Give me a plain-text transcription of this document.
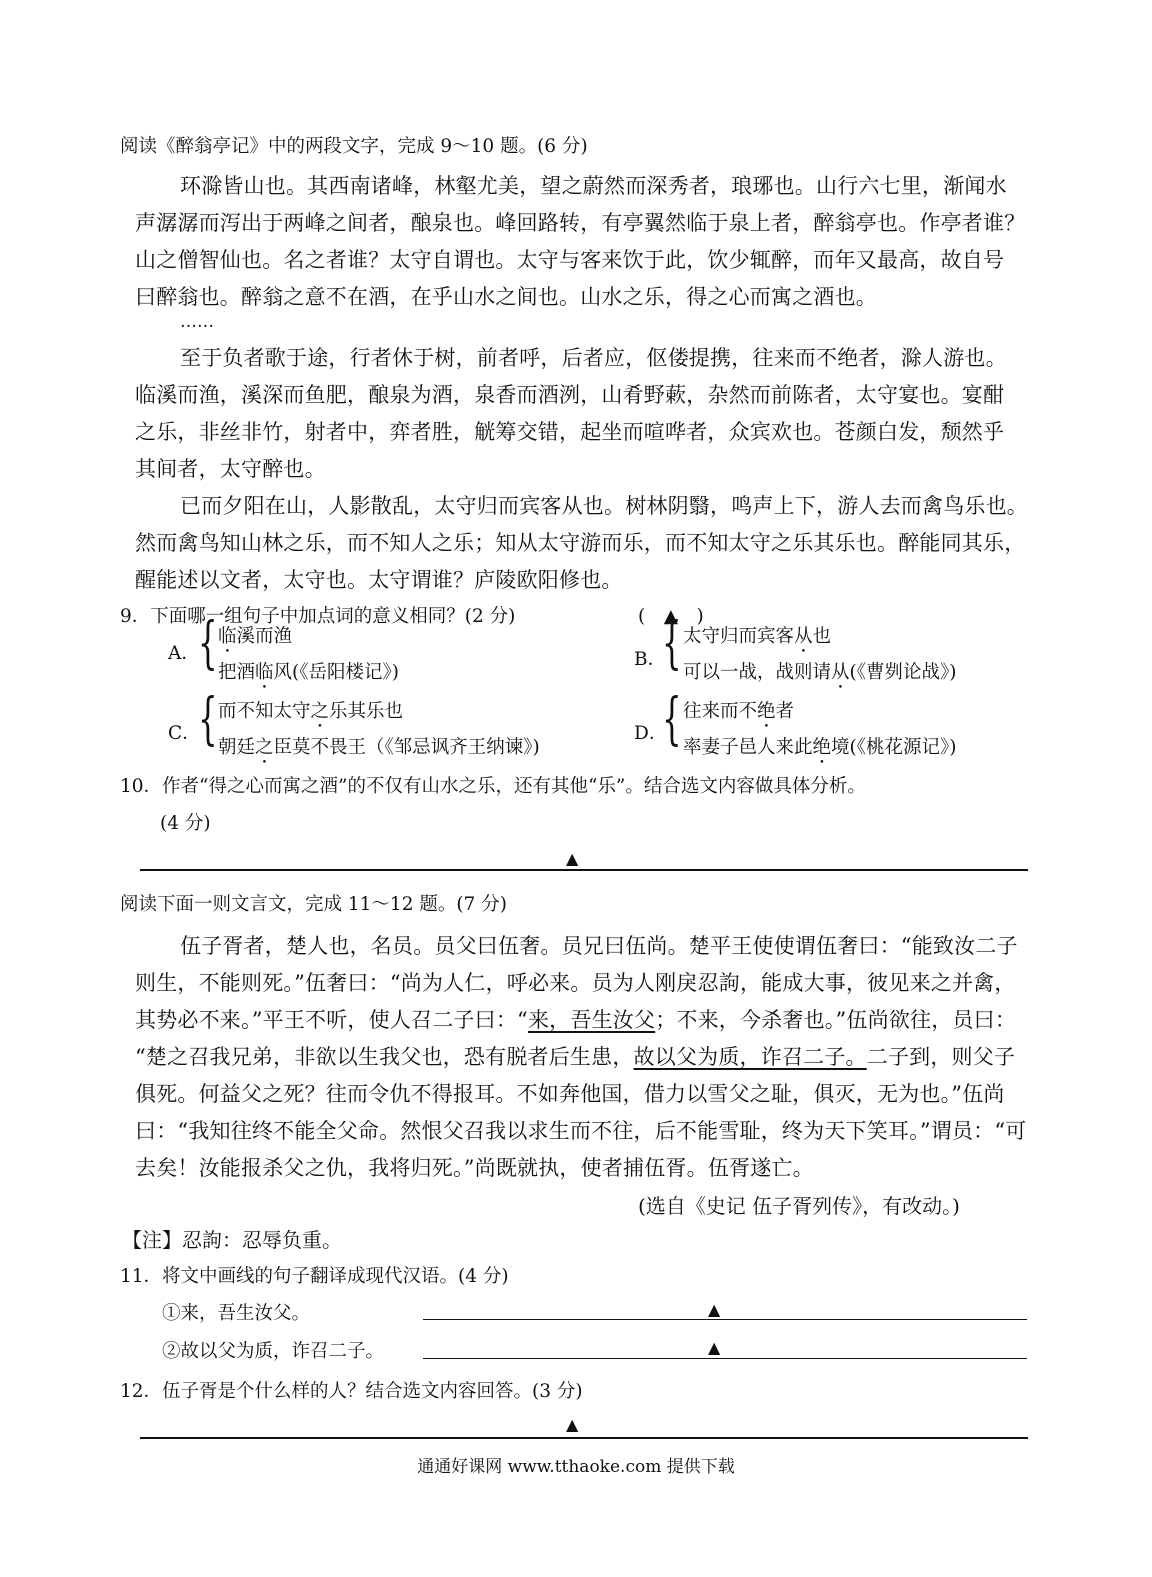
阅读《醉翁亭记》中的两段文字，完成 9～10 题。(6 分)
环滁皆山也。其西南诸峰，林壑尤美，望之蔚然而深秀者，琅琊也。山行六七里，渐闻水
声潺潺而泻出于两峰之间者，酿泉也。峰回路转，有亭翼然临于泉上者，醉翁亭也。作亭者谁？
山之僧智仙也。名之者谁？太守自谓也。太守与客来饮于此，饮少辄醉，而年又最高，故自号
曰醉翁也。醉翁之意不在酒，在乎山水之间也。山水之乐，得之心而寓之酒也。
……
至于负者歌于途，行者休于树，前者呼，后者应，伛偻提携，往来而不绝者，滁人游也。
临溪而渔，溪深而鱼肥，酿泉为酒，泉香而酒洌，山肴野蔌，杂然而前陈者，太守宴也。宴酣
之乐，非丝非竹，射者中，弈者胜，觥筹交错，起坐而喧哗者，众宾欢也。苍颜白发，颓然乎
其间者，太守醉也。
已而夕阳在山，人影散乱，太守归而宾客从也。树林阴翳，鸣声上下，游人去而禽鸟乐也。
然而禽鸟知山林之乐，而不知人之乐；知从太守游而乐，而不知太守之乐其乐也。醉能同其乐，
醒能述以文者，太守也。太守谓谁？庐陵欧阳修也。
9．下面哪一组句子中加点词的意义相同？(2 分)	(　▲　)
A．
{ 临溪而渔
把酒临风(《岳阳楼记》)
B．
{ 太守归而宾客从也
可以一战，战则请从(《曹刿论战》)
C．
{ 而不知太守之乐其乐也
朝廷之臣莫不畏王（《邹忌讽齐王纳谏》)
D．
{ 往来而不绝者
率妻子邑人来此绝境(《桃花源记》)
10．作者“得之心而寓之酒”的不仅有山水之乐，还有其他“乐”。结合选文内容做具体分析。
(4 分)
▲
阅读下面一则文言文，完成 11～12 题。(7 分)
伍子胥者，楚人也，名员。员父曰伍奢。员兄曰伍尚。楚平王使使谓伍奢曰：“能致汝二子
则生，不能则死。”伍奢曰：“尚为人仁，呼必来。员为人刚戾忍訽，能成大事，彼见来之并禽，
其势必不来。”平王不听，使人召二子曰：“来，吾生汝父；不来，今杀奢也。”伍尚欲往，员曰：
“楚之召我兄弟，非欲以生我父也，恐有脱者后生患，故以父为质，诈召二子。二子到，则父子
俱死。何益父之死？往而令仇不得报耳。不如奔他国，借力以雪父之耻，俱灭，无为也。”伍尚
曰：“我知往终不能全父命。然恨父召我以求生而不往，后不能雪耻，终为天下笑耳。”谓员：“可
去矣！汝能报杀父之仇，我将归死。”尚既就执，使者捕伍胥。伍胥遂亡。
(选自《史记 伍子胥列传》，有改动。)
【注】忍訽：忍辱负重。
11．将文中画线的句子翻译成现代汉语。(4 分)
①来，吾生汝父。	▲
②故以父为质，诈召二子。	▲
12．伍子胥是个什么样的人？结合选文内容回答。(3 分)
▲
通通好课网 www.tthaoke.com 提供下载
